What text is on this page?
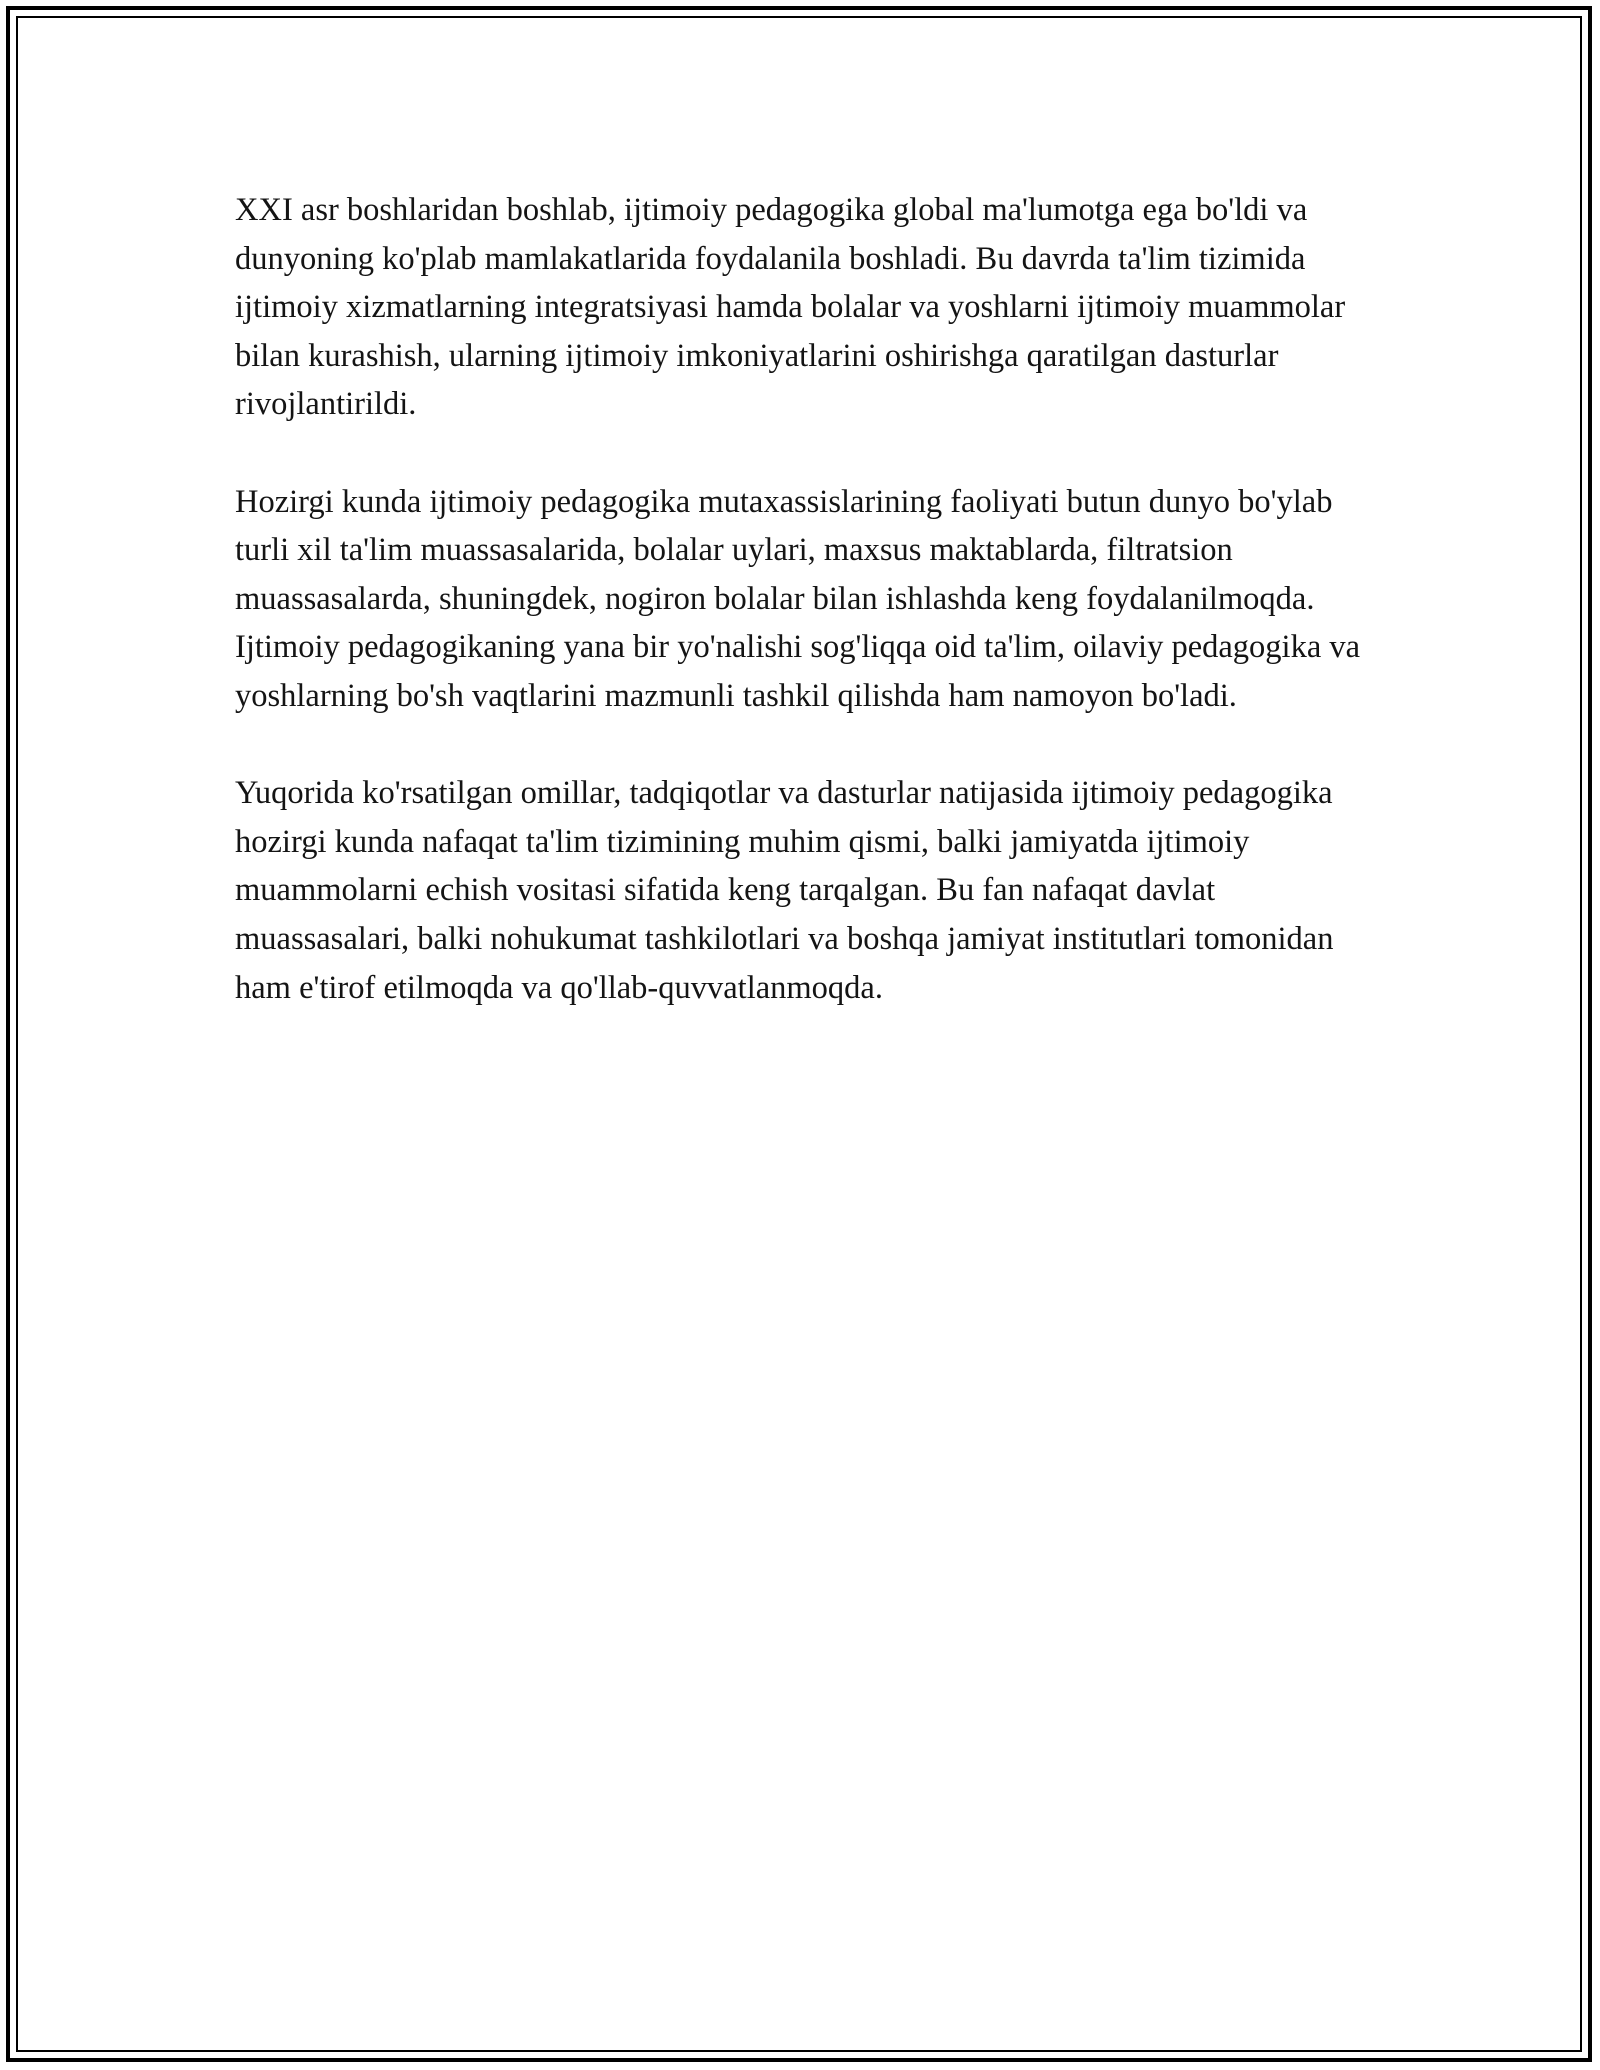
XXI asr boshlaridan boshlab, ijtimoiy pedagogika global ma'lumotga ega bo'ldi va dunyoning ko'plab mamlakatlarida foydalanila boshladi. Bu davrda ta'lim tizimida ijtimoiy xizmatlarning integratsiyasi hamda bolalar va yoshlarni ijtimoiy muammolar bilan kurashish, ularning ijtimoiy imkoniyatlarini oshirishga qaratilgan dasturlar rivojlantirildi.

Hozirgi kunda ijtimoiy pedagogika mutaxassislarining faoliyati butun dunyo bo'ylab turli xil ta'lim muassasalarida, bolalar uylari, maxsus maktablarda, filtratsion muassasalarda, shuningdek, nogiron bolalar bilan ishlashda keng foydalanilmoqda. Ijtimoiy pedagogikaning yana bir yo'nalishi sog'liqqa oid ta'lim, oilaviy pedagogika va yoshlarning bo'sh vaqtlarini mazmunli tashkil qilishda ham namoyon bo'ladi.

Yuqorida ko'rsatilgan omillar, tadqiqotlar va dasturlar natijasida ijtimoiy pedagogika hozirgi kunda nafaqat ta'lim tizimining muhim qismi, balki jamiyatda ijtimoiy muammolarni echish vositasi sifatida keng tarqalgan. Bu fan nafaqat davlat muassasalari, balki nohukumat tashkilotlari va boshqa jamiyat institutlari tomonidan ham e'tirof etilmoqda va qo'llab-quvvatlanmoqda.
